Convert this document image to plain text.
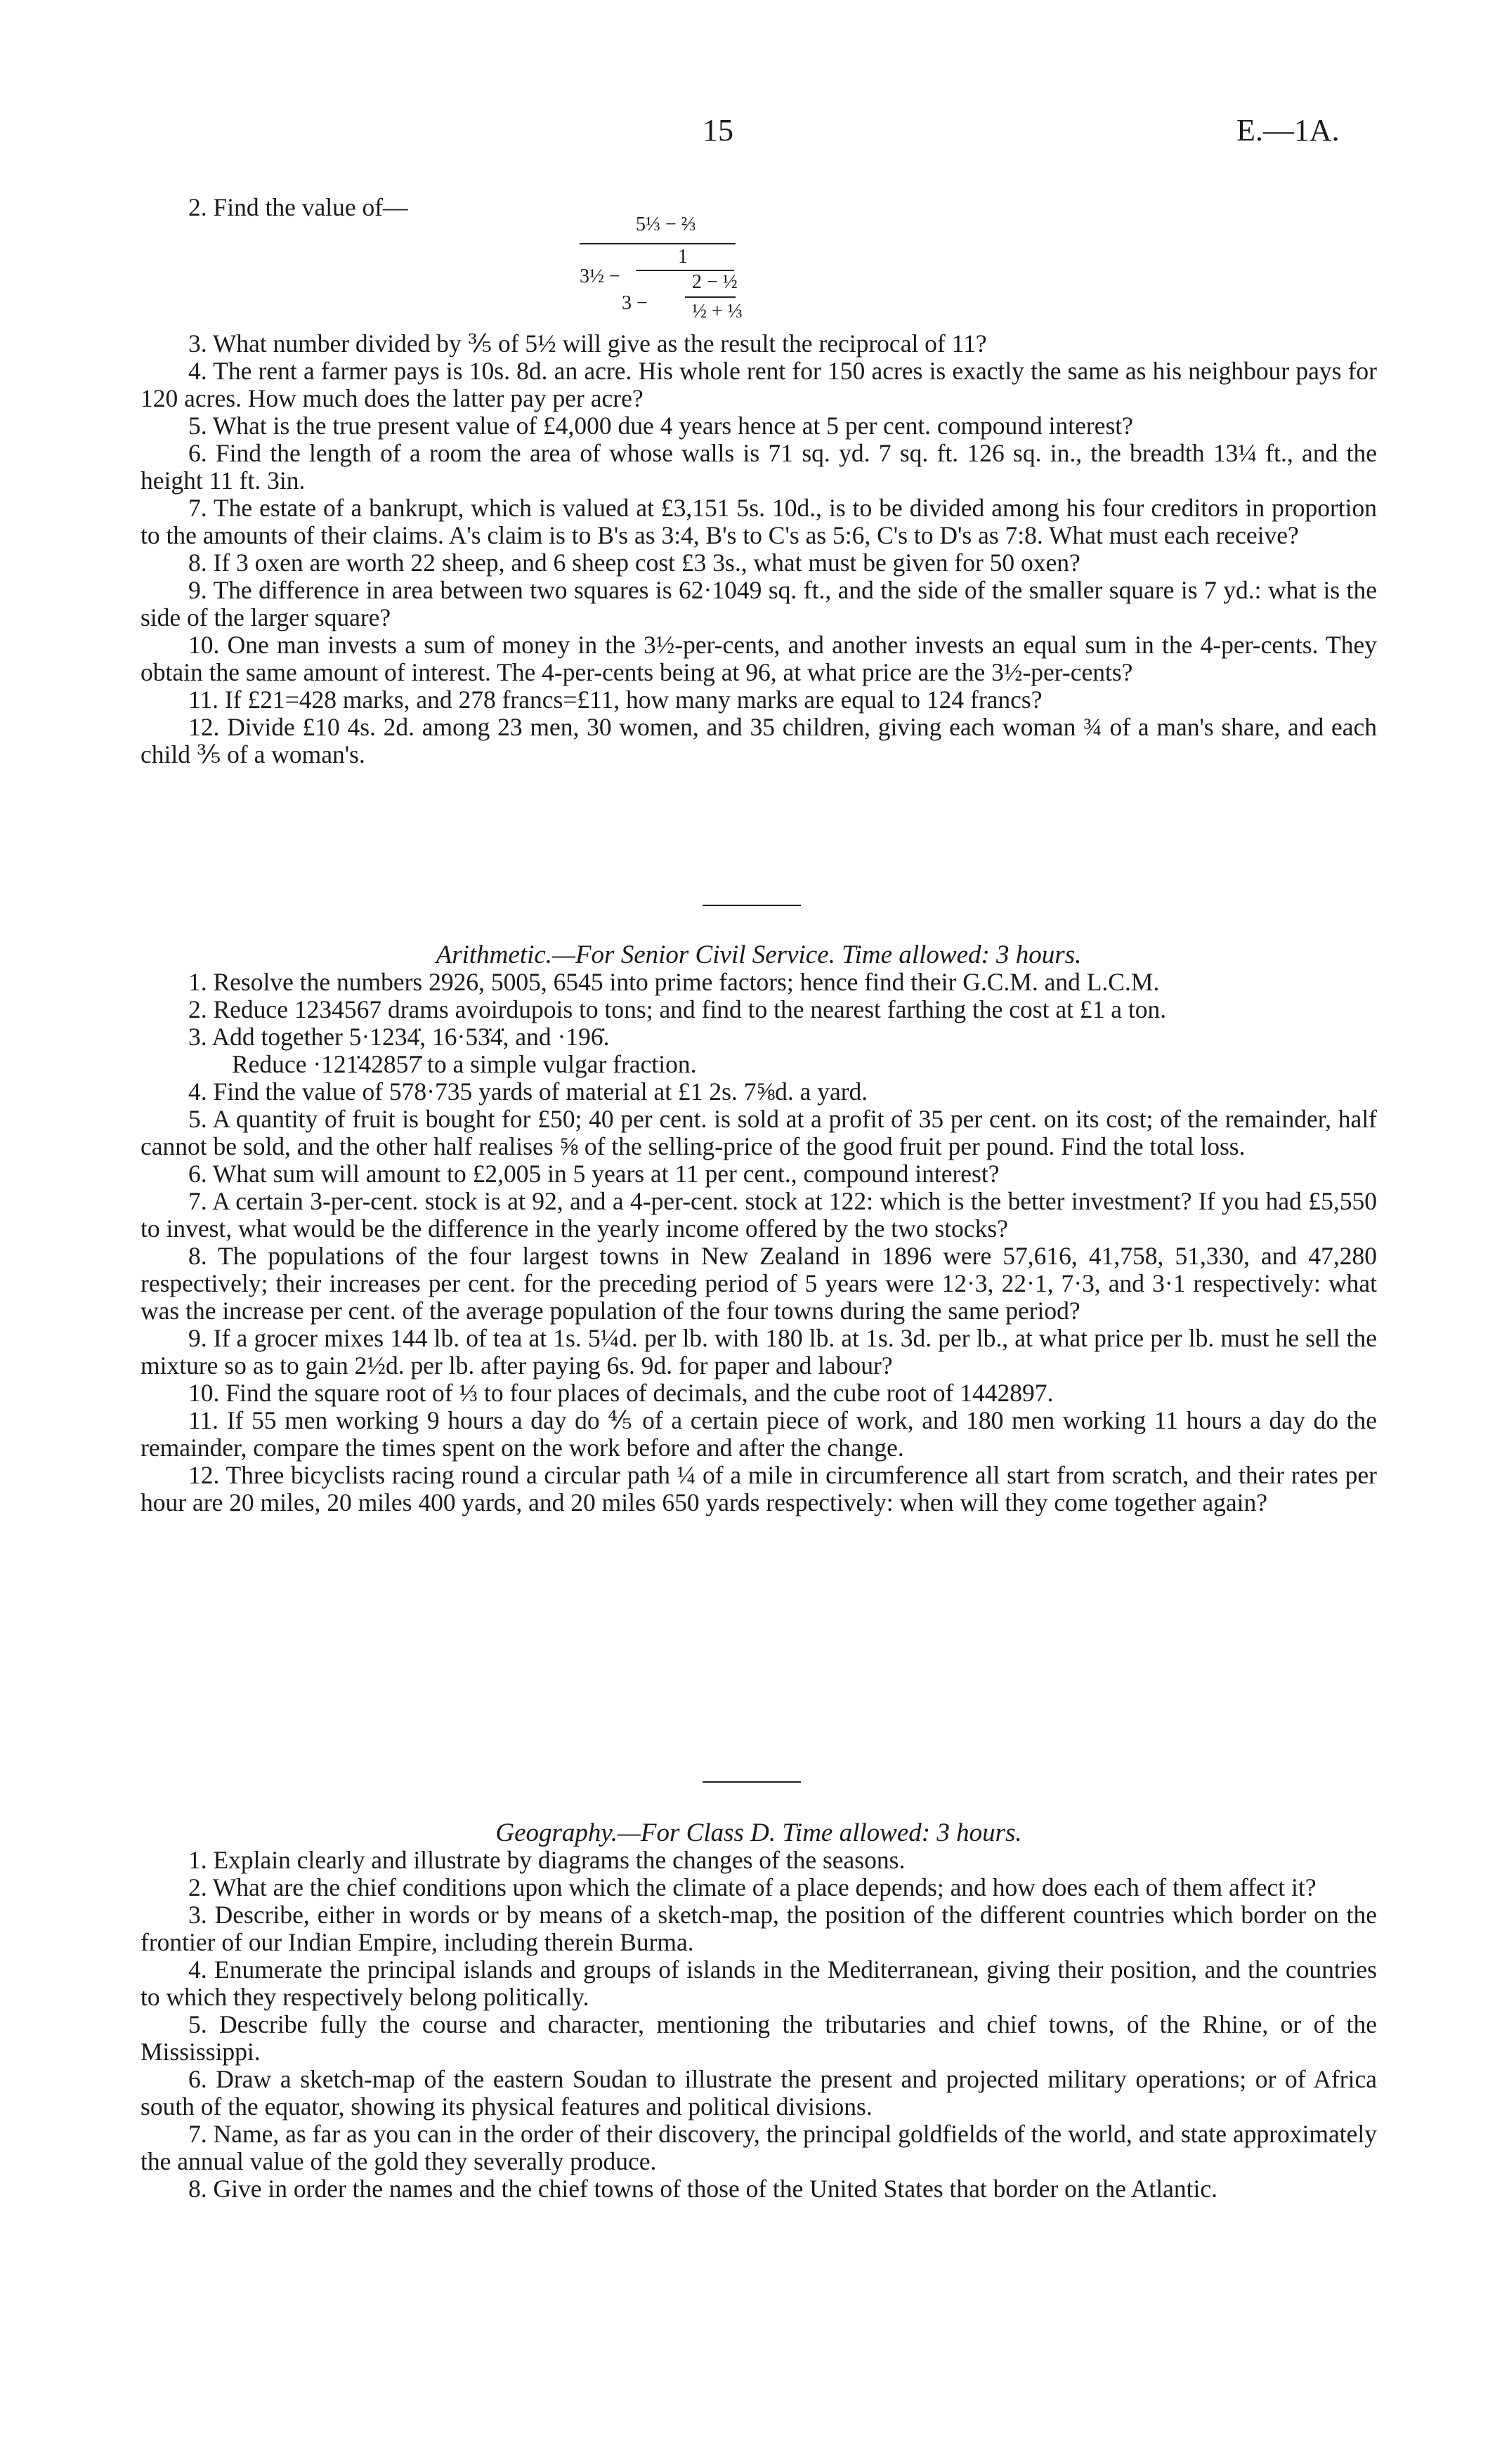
15	E.—1A.

2. Find the value of—

5⅓ − ⅔
3½ −
1
3 −
2 − ½
½ + ⅓

3. What number divided by ⅗ of 5½ will give as the result the reciprocal of 11?

4. The rent a farmer pays is 10s. 8d. an acre. His whole rent for 150 acres is exactly the same as his neighbour pays for 120 acres. How much does the latter pay per acre?

5. What is the true present value of £4,000 due 4 years hence at 5 per cent. compound interest?

6. Find the length of a room the area of whose walls is 71 sq. yd. 7 sq. ft. 126 sq. in., the breadth 13¼ ft., and the height 11 ft. 3in.

7. The estate of a bankrupt, which is valued at £3,151 5s. 10d., is to be divided among his four creditors in proportion to the amounts of their claims. A's claim is to B's as 3:4, B's to C's as 5:6, C's to D's as 7:8. What must each receive?

8. If 3 oxen are worth 22 sheep, and 6 sheep cost £3 3s., what must be given for 50 oxen?

9. The difference in area between two squares is 62·1049 sq. ft., and the side of the smaller square is 7 yd.: what is the side of the larger square?

10. One man invests a sum of money in the 3½-per-cents, and another invests an equal sum in the 4-per-cents. They obtain the same amount of interest. The 4-per-cents being at 96, at what price are the 3½-per-cents?

11. If £21=428 marks, and 278 francs=£11, how many marks are equal to 124 francs?

12. Divide £10 4s. 2d. among 23 men, 30 women, and 35 children, giving each woman ¾ of a man's share, and each child ⅗ of a woman's.

Arithmetic.—For Senior Civil Service. Time allowed: 3 hours.

1. Resolve the numbers 2926, 5005, 6545 into prime factors; hence find their G.C.M. and L.C.M.

2. Reduce 1234567 drams avoirdupois to tons; and find to the nearest farthing the cost at £1 a ton.

3. Add together 5·1234̇, 16·53̇4̇, and ·196̇.

Reduce ·121̇42857̇ to a simple vulgar fraction.

4. Find the value of 578·735 yards of material at £1 2s. 7⅝d. a yard.

5. A quantity of fruit is bought for £50; 40 per cent. is sold at a profit of 35 per cent. on its cost; of the remainder, half cannot be sold, and the other half realises ⅝ of the selling-price of the good fruit per pound. Find the total loss.

6. What sum will amount to £2,005 in 5 years at 11 per cent., compound interest?

7. A certain 3-per-cent. stock is at 92, and a 4-per-cent. stock at 122: which is the better investment? If you had £5,550 to invest, what would be the difference in the yearly income offered by the two stocks?

8. The populations of the four largest towns in New Zealand in 1896 were 57,616, 41,758, 51,330, and 47,280 respectively; their increases per cent. for the preceding period of 5 years were 12·3, 22·1, 7·3, and 3·1 respectively: what was the increase per cent. of the average population of the four towns during the same period?

9. If a grocer mixes 144 lb. of tea at 1s. 5¼d. per lb. with 180 lb. at 1s. 3d. per lb., at what price per lb. must he sell the mixture so as to gain 2½d. per lb. after paying 6s. 9d. for paper and labour?

10. Find the square root of ⅓ to four places of decimals, and the cube root of 1442897.

11. If 55 men working 9 hours a day do ⅘ of a certain piece of work, and 180 men working 11 hours a day do the remainder, compare the times spent on the work before and after the change.

12. Three bicyclists racing round a circular path ¼ of a mile in circumference all start from scratch, and their rates per hour are 20 miles, 20 miles 400 yards, and 20 miles 650 yards respectively: when will they come together again?

Geography.—For Class D. Time allowed: 3 hours.

1. Explain clearly and illustrate by diagrams the changes of the seasons.

2. What are the chief conditions upon which the climate of a place depends; and how does each of them affect it?

3. Describe, either in words or by means of a sketch-map, the position of the different countries which border on the frontier of our Indian Empire, including therein Burma.

4. Enumerate the principal islands and groups of islands in the Mediterranean, giving their position, and the countries to which they respectively belong politically.

5. Describe fully the course and character, mentioning the tributaries and chief towns, of the Rhine, or of the Mississippi.

6. Draw a sketch-map of the eastern Soudan to illustrate the present and projected military operations; or of Africa south of the equator, showing its physical features and political divisions.

7. Name, as far as you can in the order of their discovery, the principal goldfields of the world, and state approximately the annual value of the gold they severally produce.

8. Give in order the names and the chief towns of those of the United States that border on the Atlantic.
